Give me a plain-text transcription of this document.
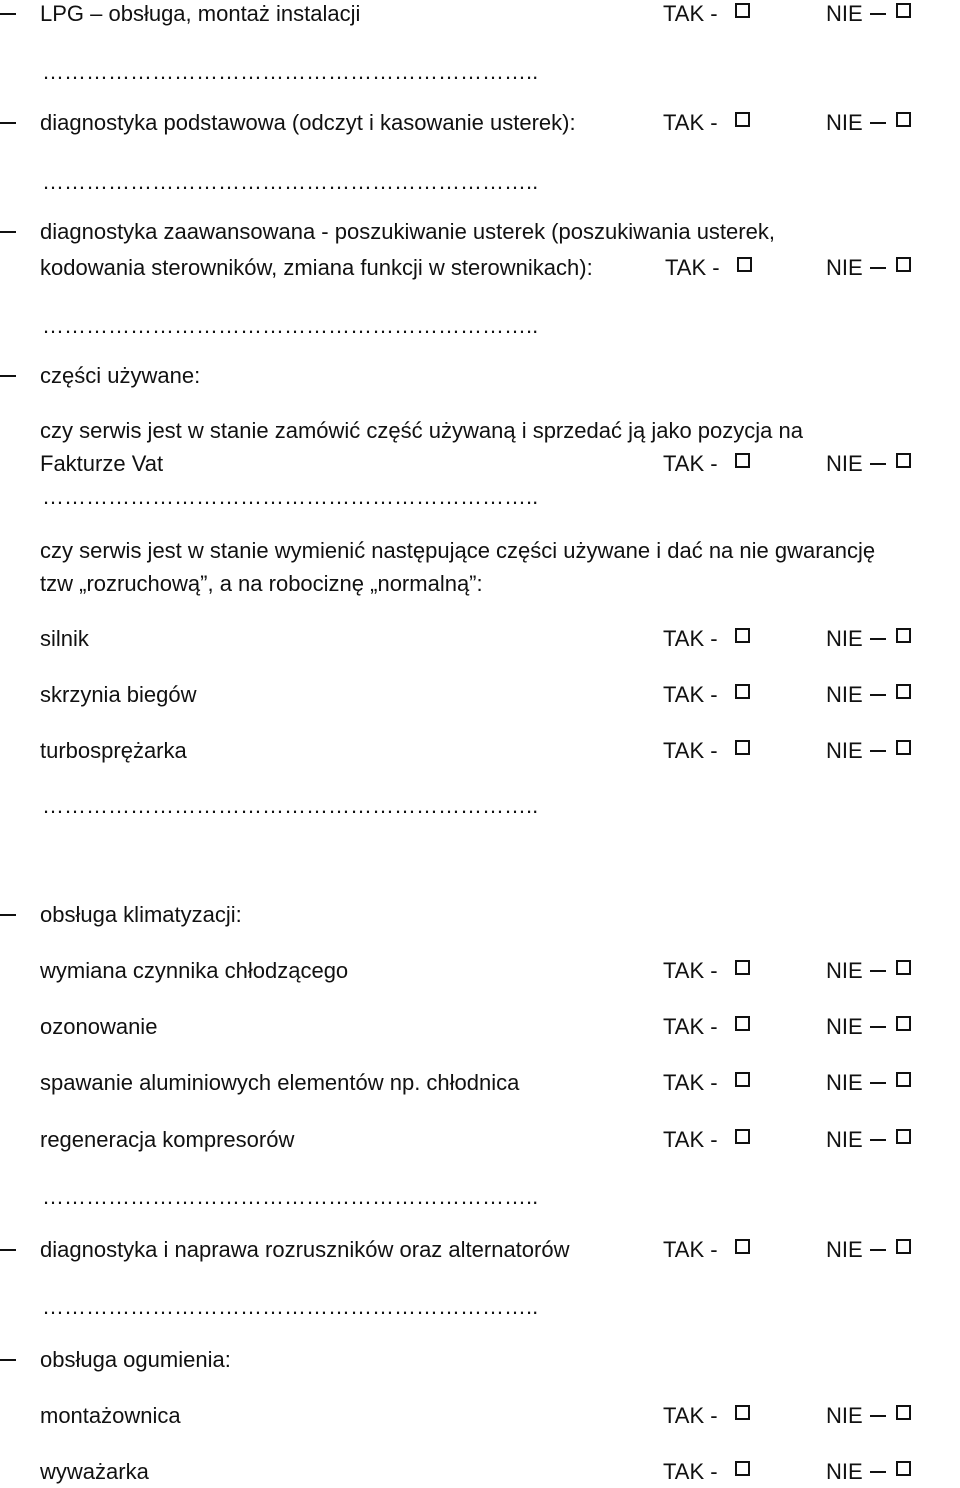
LPG – obsługa, montaż instalacji	TAK -	NIE
…………………………………………………………..
diagnostyka podstawowa (odczyt i kasowanie usterek):	TAK -	NIE
…………………………………………………………..
diagnostyka zaawansowana - poszukiwanie usterek (poszukiwania usterek,
kodowania sterowników, zmiana funkcji w sterownikach):	TAK -	NIE
…………………………………………………………..
części używane:
czy serwis jest w stanie zamówić część używaną i sprzedać ją jako pozycja na
Fakturze Vat	TAK -	NIE
…………………………………………………………..
czy serwis jest w stanie wymienić następujące części używane i dać na nie gwarancję
tzw „rozruchową”, a na robociznę „normalną”:
silnik	TAK -	NIE
skrzynia biegów	TAK -	NIE
turbosprężarka	TAK -	NIE
…………………………………………………………..
obsługa klimatyzacji:
wymiana czynnika chłodzącego	TAK -	NIE
ozonowanie	TAK -	NIE
spawanie aluminiowych elementów np. chłodnica	TAK -	NIE
regeneracja kompresorów	TAK -	NIE
…………………………………………………………..
diagnostyka i naprawa rozruszników oraz alternatorów	TAK -	NIE
…………………………………………………………..
obsługa ogumienia:
montażownica	TAK -	NIE
wyważarka	TAK -	NIE
